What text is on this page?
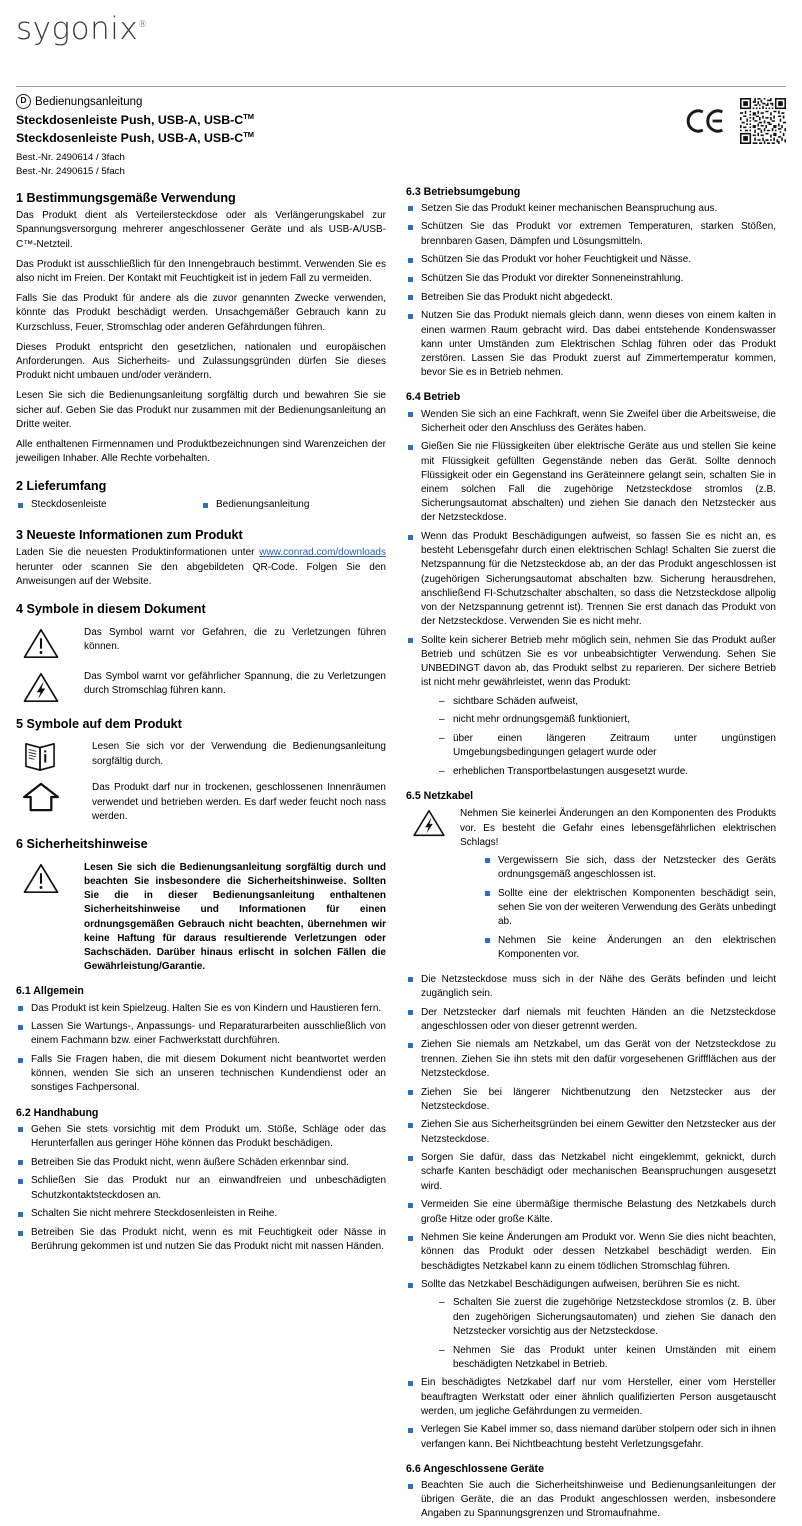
sygonix®
D Bedienungsanleitung
Steckdosenleiste Push, USB-A, USB-C™
Steckdosenleiste Push, USB-A, USB-C™
Best.-Nr. 2490614 / 3fach
Best.-Nr. 2490615 / 5fach
1 Bestimmungsgemäße Verwendung

Das Produkt dient als Verteilersteckdose oder als Verlängerungskabel zur Spannungsversorgung mehrerer angeschlossener Geräte und als USB-A/USB-C™-Netzteil.

Das Produkt ist ausschließlich für den Innengebrauch bestimmt. Verwenden Sie es also nicht im Freien. Der Kontakt mit Feuchtigkeit ist in jedem Fall zu vermeiden.

Falls Sie das Produkt für andere als die zuvor genannten Zwecke verwenden, könnte das Produkt beschädigt werden. Unsachgemäßer Gebrauch kann zu Kurzschluss, Feuer, Stromschlag oder anderen Gefährdungen führen.

Dieses Produkt entspricht den gesetzlichen, nationalen und europäischen Anforderungen. Aus Sicherheits- und Zulassungsgründen dürfen Sie dieses Produkt nicht umbauen und/oder verändern.

Lesen Sie sich die Bedienungsanleitung sorgfältig durch und bewahren Sie sie sicher auf. Geben Sie das Produkt nur zusammen mit der Bedienungsanleitung an Dritte weiter.

Alle enthaltenen Firmennamen und Produktbezeichnungen sind Warenzeichen der jeweiligen Inhaber. Alle Rechte vorbehalten.

2 Lieferumfang
Steckdosenleiste	Bedienungsanleitung
3 Neueste Informationen zum Produkt

Laden Sie die neuesten Produktinformationen unter www.conrad.com/downloads herunter oder scannen Sie den abgebildeten QR-Code. Folgen Sie den Anweisungen auf der Website.

4 Symbole in diesem Dokument
Das Symbol warnt vor Gefahren, die zu Verletzungen führen können.
Das Symbol warnt vor gefährlicher Spannung, die zu Verletzungen durch Stromschlag führen kann.
5 Symbole auf dem Produkt
Lesen Sie sich vor der Verwendung die Bedienungsanleitung sorgfältig durch.
Das Produkt darf nur in trockenen, geschlossenen Innenräumen verwendet und betrieben werden. Es darf weder feucht noch nass werden.
6 Sicherheitshinweise
Lesen Sie sich die Bedienungsanleitung sorgfältig durch und beachten Sie insbesondere die Sicherheitshinweise. Sollten Sie die in dieser Bedienungsanleitung enthaltenen Sicherheitshinweise und Informationen für einen ordnungsgemäßen Gebrauch nicht beachten, übernehmen wir keine Haftung für daraus resultierende Verletzungen oder Sachschäden. Darüber hinaus erlischt in solchen Fällen die Gewährleistung/Garantie.
6.1 Allgemein
Das Produkt ist kein Spielzeug. Halten Sie es von Kindern und Haustieren fern.
Lassen Sie Wartungs-, Anpassungs- und Reparaturarbeiten ausschließlich von einem Fachmann bzw. einer Fachwerkstatt durchführen.
Falls Sie Fragen haben, die mit diesem Dokument nicht beantwortet werden können, wenden Sie sich an unseren technischen Kundendienst oder an sonstiges Fachpersonal.
6.2 Handhabung
Gehen Sie stets vorsichtig mit dem Produkt um. Stöße, Schläge oder das Herunterfallen aus geringer Höhe können das Produkt beschädigen.
Betreiben Sie das Produkt nicht, wenn äußere Schäden erkennbar sind.
Schließen Sie das Produkt nur an einwandfreien und unbeschädigten Schutzkontaktsteckdosen an.
Schalten Sie nicht mehrere Steckdosenleisten in Reihe.
Betreiben Sie das Produkt nicht, wenn es mit Feuchtigkeit oder Nässe in Berührung gekommen ist und nutzen Sie das Produkt nicht mit nassen Händen.
6.3 Betriebsumgebung
Setzen Sie das Produkt keiner mechanischen Beanspruchung aus.
Schützen Sie das Produkt vor extremen Temperaturen, starken Stößen, brennbaren Gasen, Dämpfen und Lösungsmitteln.
Schützen Sie das Produkt vor hoher Feuchtigkeit und Nässe.
Schützen Sie das Produkt vor direkter Sonneneinstrahlung.
Betreiben Sie das Produkt nicht abgedeckt.
Nutzen Sie das Produkt niemals gleich dann, wenn dieses von einem kalten in einen warmen Raum gebracht wird. Das dabei entstehende Kondenswasser kann unter Umständen zum Elektrischen Schlag führen oder das Produkt zerstören. Lassen Sie das Produkt zuerst auf Zimmertemperatur kommen, bevor Sie es in Betrieb nehmen.
6.4 Betrieb
Wenden Sie sich an eine Fachkraft, wenn Sie Zweifel über die Arbeitsweise, die Sicherheit oder den Anschluss des Gerätes haben.
Gießen Sie nie Flüssigkeiten über elektrische Geräte aus und stellen Sie keine mit Flüssigkeit gefüllten Gegenstände neben das Gerät. Sollte dennoch Flüssigkeit oder ein Gegenstand ins Geräteinnere gelangt sein, schalten Sie in einem solchen Fall die zugehörige Netzsteckdose stromlos (z.B. Sicherungsautomat abschalten) und ziehen Sie danach den Netzstecker aus der Netzsteckdose.
Wenn das Produkt Beschädigungen aufweist, so fassen Sie es nicht an, es besteht Lebensgefahr durch einen elektrischen Schlag! Schalten Sie zuerst die Netzspannung für die Netzsteckdose ab, an der das Produkt angeschlossen ist (zugehörigen Sicherungsautomat abschalten bzw. Sicherung herausdrehen, anschließend FI-Schutzschalter abschalten, so dass die Netzsteckdose allpolig von der Netzspannung getrennt ist). Trennen Sie erst danach das Produkt von der Netzsteckdose. Verwenden Sie es nicht mehr.
Sollte kein sicherer Betrieb mehr möglich sein, nehmen Sie das Produkt außer Betrieb und schützen Sie es vor unbeabsichtigter Verwendung. Sehen Sie UNBEDINGT davon ab, das Produkt selbst zu reparieren. Der sichere Betrieb ist nicht mehr gewährleistet, wenn das Produkt:
– sichtbare Schäden aufweist,
– nicht mehr ordnungsgemäß funktioniert,
– über einen längeren Zeitraum unter ungünstigen Umgebungsbedingungen gelagert wurde oder
– erheblichen Transportbelastungen ausgesetzt wurde.
6.5 Netzkabel
Nehmen Sie keinerlei Änderungen an den Komponenten des Produkts vor. Es besteht die Gefahr eines lebensgefährlichen elektrischen Schlags!
Vergewissern Sie sich, dass der Netzstecker des Geräts ordnungsgemäß angeschlossen ist.
Sollte eine der elektrischen Komponenten beschädigt sein, sehen Sie von der weiteren Verwendung des Geräts unbedingt ab.
Nehmen Sie keine Änderungen an den elektrischen Komponenten vor.
Die Netzsteckdose muss sich in der Nähe des Geräts befinden und leicht zugänglich sein.
Der Netzstecker darf niemals mit feuchten Händen an die Netzsteckdose angeschlossen oder von dieser getrennt werden.
Ziehen Sie niemals am Netzkabel, um das Gerät von der Netzsteckdose zu trennen. Ziehen Sie ihn stets mit den dafür vorgesehenen Griffflächen aus der Netzsteckdose.
Ziehen Sie bei längerer Nichtbenutzung den Netzstecker aus der Netzsteckdose.
Ziehen Sie aus Sicherheitsgründen bei einem Gewitter den Netzstecker aus der Netzsteckdose.
Sorgen Sie dafür, dass das Netzkabel nicht eingeklemmt, geknickt, durch scharfe Kanten beschädigt oder mechanischen Beanspruchungen ausgesetzt wird.
Vermeiden Sie eine übermäßige thermische Belastung des Netzkabels durch große Hitze oder große Kälte.
Nehmen Sie keine Änderungen am Produkt vor. Wenn Sie dies nicht beachten, können das Produkt oder dessen Netzkabel beschädigt werden. Ein beschädigtes Netzkabel kann zu einem tödlichen Stromschlag führen.
Sollte das Netzkabel Beschädigungen aufweisen, berühren Sie es nicht.
– Schalten Sie zuerst die zugehörige Netzsteckdose stromlos (z. B. über den zugehörigen Sicherungsautomaten) und ziehen Sie danach den Netzstecker vorsichtig aus der Netzsteckdose.
– Nehmen Sie das Produkt unter keinen Umständen mit einem beschädigten Netzkabel in Betrieb.
Ein beschädigtes Netzkabel darf nur vom Hersteller, einer vom Hersteller beauftragten Werkstatt oder einer ähnlich qualifizierten Person ausgetauscht werden, um jegliche Gefährdungen zu vermeiden.
Verlegen Sie Kabel immer so, dass niemand darüber stolpern oder sich in ihnen verfangen kann. Bei Nichtbeachtung besteht Verletzungsgefahr.
6.6 Angeschlossene Geräte
Beachten Sie auch die Sicherheitshinweise und Bedienungsanleitungen der übrigen Geräte, die an das Produkt angeschlossen werden, insbesondere Angaben zu Spannungsgrenzen und Stromaufnahme.
